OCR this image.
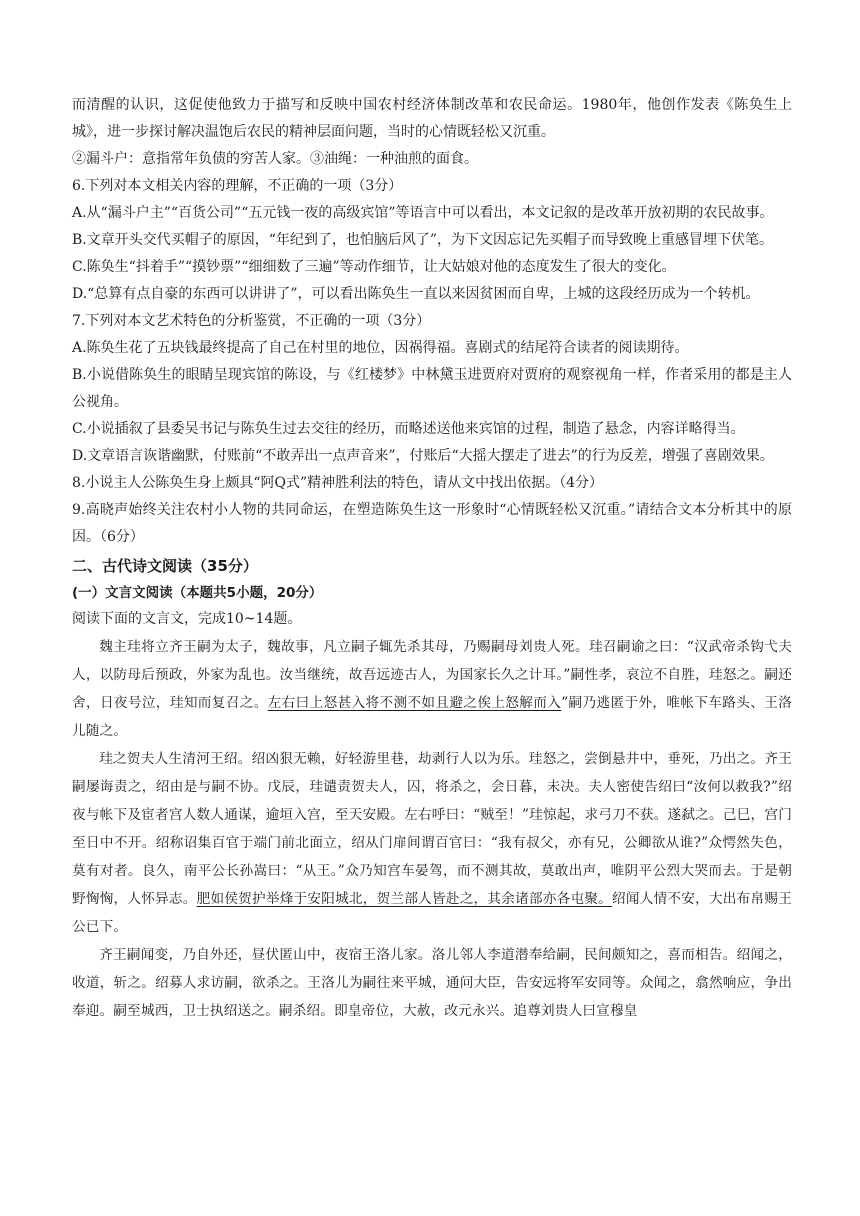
而清醒的认识，这促使他致力于描写和反映中国农村经济体制改革和农民命运。1980年，他创作发表《陈奂生上城》，进一步探讨解决温饱后农民的精神层面问题，当时的心情既轻松又沉重。

②漏斗户：意指常年负债的穷苦人家。③油绳：一种油煎的面食。

6.下列对本文相关内容的理解，不正确的一项（3分）

A.从“漏斗户主”“百货公司”“五元钱一夜的高级宾馆”等语言中可以看出，本文记叙的是改革开放初期的农民故事。

B.文章开头交代买帽子的原因，“年纪到了，也怕脑后风了”，为下文因忘记先买帽子而导致晚上重感冒埋下伏笔。

C.陈奂生“抖着手”“摸钞票”“细细数了三遍”等动作细节，让大姑娘对他的态度发生了很大的变化。

D.“总算有点自豪的东西可以讲讲了”，可以看出陈奂生一直以来因贫困而自卑，上城的这段经历成为一个转机。

7.下列对本文艺术特色的分析鉴赏，不正确的一项（3分）

A.陈奂生花了五块钱最终提高了自己在村里的地位，因祸得福。喜剧式的结尾符合读者的阅读期待。

B.小说借陈奂生的眼睛呈现宾馆的陈设，与《红楼梦》中林黛玉进贾府对贾府的观察视角一样，作者采用的都是主人公视角。

C.小说插叙了县委吴书记与陈奂生过去交往的经历，而略述送他来宾馆的过程，制造了悬念，内容详略得当。

D.文章语言诙谐幽默，付账前“不敢弄出一点声音来”，付账后“大摇大摆走了进去”的行为反差，增强了喜剧效果。

8.小说主人公陈奂生身上颇具“阿Q式”精神胜利法的特色，请从文中找出依据。（4分）

9.高晓声始终关注农村小人物的共同命运，在塑造陈奂生这一形象时“心情既轻松又沉重。”请结合文本分析其中的原因。（6分）

二、古代诗文阅读（35分）
(一）文言文阅读（本题共5小题，20分）

阅读下面的文言文，完成10~14题。

魏主珪将立齐王嗣为太子，魏故事，凡立嗣子辄先杀其母，乃赐嗣母刘贵人死。珪召嗣谕之曰：“汉武帝杀钩弋夫人，以防母后预政，外家为乱也。汝当继统，故吾远迹古人，为国家长久之计耳。”嗣性孝，哀泣不自胜，珪怒之。嗣还舍，日夜号泣，珪知而复召之。左右曰上怒甚入将不测不如且避之俟上怒解而入”嗣乃逃匿于外，唯帐下车路头、王洛儿随之。

珪之贺夫人生清河王绍。绍凶狠无赖，好轻游里巷，劫剥行人以为乐。珪怒之，尝倒悬井中，垂死，乃出之。齐王嗣屡诲责之，绍由是与嗣不协。戊辰，珪谴责贺夫人，囚，将杀之，会日暮，未决。夫人密使告绍曰“汝何以救我?”绍夜与帐下及宦者宫人数人通谋，逾垣入宫，至天安殿。左右呼曰：“贼至！”珪惊起，求弓刀不获。遂弑之。己巳，宫门至日中不开。绍称诏集百官于端门前北面立，绍从门扉间谓百官曰：“我有叔父，亦有兄，公卿欲从谁?”众愕然失色，莫有对者。良久，南平公长孙嵩曰：“从王。”众乃知宫车晏驾，而不测其故，莫敢出声，唯阴平公烈大哭而去。于是朝野恟恟，人怀异志。肥如侯贺护举烽于安阳城北，贺兰部人皆赴之，其余诸部亦各屯聚。绍闻人情不安，大出布帛赐王公已下。

齐王嗣闻变，乃自外还，昼伏匿山中，夜宿王洛儿家。洛儿邻人李道潜奉给嗣，民间颇知之，喜而相告。绍闻之，收道，斩之。绍募人求访嗣，欲杀之。王洛儿为嗣往来平城，通问大臣，告安远将军安同等。众闻之，翕然响应，争出奉迎。嗣至城西，卫士执绍送之。嗣杀绍。即皇帝位，大赦，改元永兴。追尊刘贵人曰宣穆皇
